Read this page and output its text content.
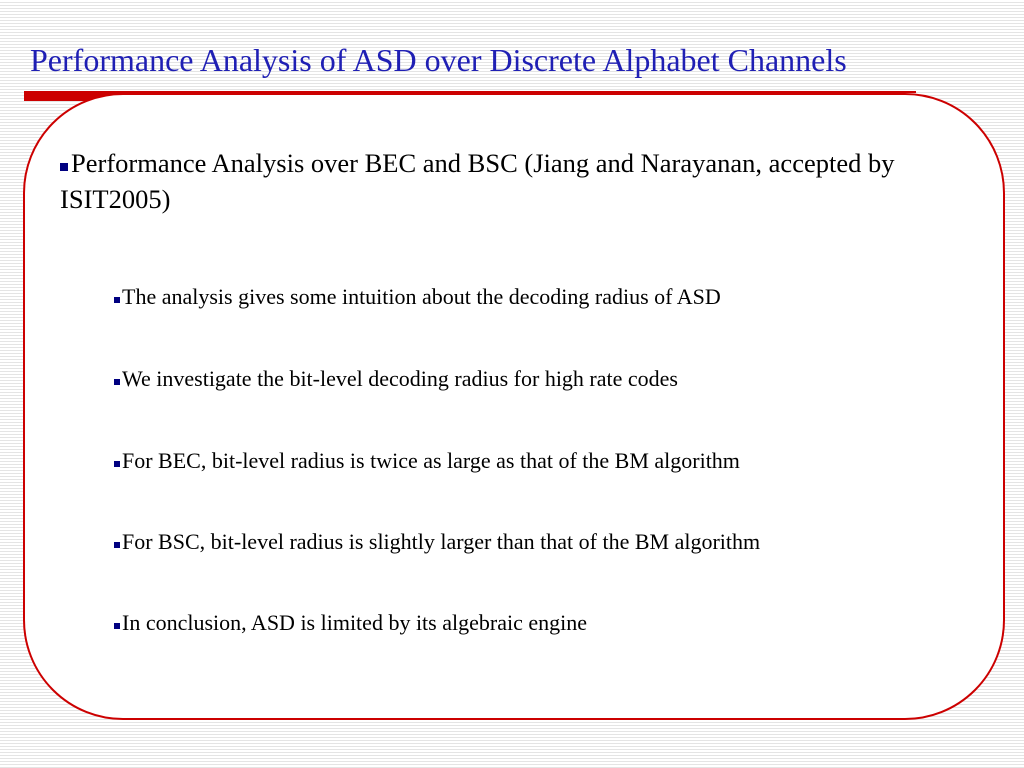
Performance Analysis of ASD over Discrete Alphabet Channels

Performance Analysis over BEC and BSC (Jiang and Narayanan, accepted by ISIT2005)

The analysis gives some intuition about the decoding radius of ASD
We investigate the bit-level decoding radius for high rate codes
For BEC, bit-level radius is twice as large as that of the BM algorithm
For BSC, bit-level radius is slightly larger than that of the BM algorithm
In conclusion, ASD is limited by its algebraic engine
